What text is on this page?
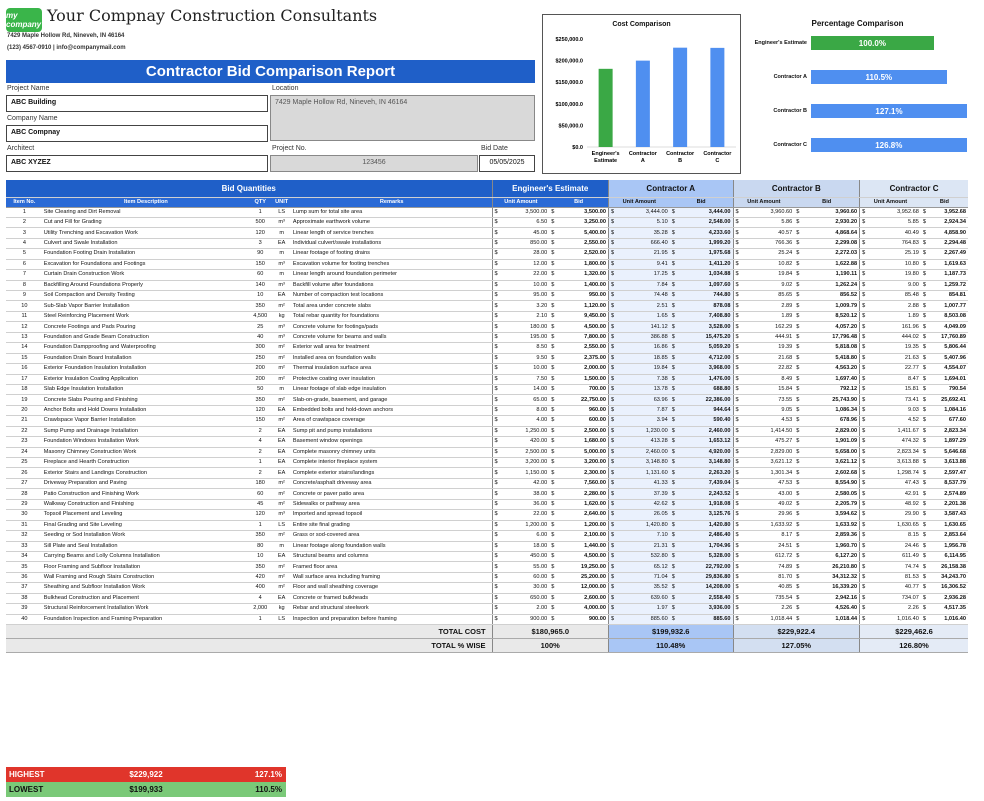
my company Your Compnay Construction Consultants
7429 Maple Hollow Rd, Nineveh, IN 46164
(123) 4567-0910 | info@companymail.com
Contractor Bid Comparison Report
Project Name
ABC Building
Location
7429 Maple Hollow Rd, Nineveh, IN 46164
Company Name
ABC Compnay
Architect
ABC XYZEZ
Project No.
123456
Bid Date
05/05/2025
Cost Comparison
$0.0
$50,000.0
$100,000.0
$150,000.0
$200,000.0
$250,000.0
Engineer's
Estimate
Contractor
A
Contractor
B
Contractor
C
Percentage Comparison
Engineer's Estimate	100.0%
Contractor A	110.5%
Contractor B	127.1%
Contractor C	126.8%
Bid Quantities					Engineer's Estimate				Contractor A				Contractor B				Contractor C			
Item No.	Item Description	QTY	UNIT	Remarks	Unit Amount		Bid		Unit Amount		Bid		Unit Amount		Bid		Unit Amount		Bid	
1	Site Clearing and Dirt Removal	1	LS	Lump sum for total site area	$	3,500.00	$	3,500.00	$	3,444.00	$	3,444.00	$	3,960.60	$	3,960.60	$	3,952.68	$	3,952.68
2	Cut and Fill for Grading	500	m³	Approximate earthwork volume	$	6.50	$	3,250.00	$	5.10	$	2,548.00	$	5.86	$	2,930.20	$	5.85	$	2,924.34
3	Utility Trenching and Excavation Work	120	m	Linear length of service trenches	$	45.00	$	5,400.00	$	35.28	$	4,233.60	$	40.57	$	4,868.64	$	40.49	$	4,858.90
4	Culvert and Swale Installation	3	EA	Individual culvert/swale installations	$	850.00	$	2,550.00	$	666.40	$	1,999.20	$	766.36	$	2,299.08	$	764.83	$	2,294.48
5	Foundation Footing Drain Installation	90	m	Linear footage of footing drains	$	28.00	$	2,520.00	$	21.95	$	1,975.68	$	25.24	$	2,272.03	$	25.19	$	2,267.49
6	Excavation for Foundations and Footings	150	m³	Excavation volume for footing trenches	$	12.00	$	1,800.00	$	9.41	$	1,411.20	$	10.82	$	1,622.88	$	10.80	$	1,619.63
7	Curtain Drain Construction Work	60	m	Linear length around foundation perimeter	$	22.00	$	1,320.00	$	17.25	$	1,034.88	$	19.84	$	1,190.11	$	19.80	$	1,187.73
8	Backfilling Around Foundations Properly	140	m³	Backfill volume after foundations	$	10.00	$	1,400.00	$	7.84	$	1,097.60	$	9.02	$	1,262.24	$	9.00	$	1,259.72
9	Soil Compaction and Density Testing	10	EA	Number of compaction test locations	$	95.00	$	950.00	$	74.48	$	744.80	$	85.65	$	856.52	$	85.48	$	854.81
10	Sub-Slab Vapor Barrier Installation	350	m²	Total area under concrete slabs	$	3.20	$	1,120.00	$	2.51	$	878.08	$	2.89	$	1,009.79	$	2.88	$	1,007.77
11	Steel Reinforcing Placement Work	4,500	kg	Total rebar quantity for foundations	$	2.10	$	9,450.00	$	1.65	$	7,408.80	$	1.89	$	8,520.12	$	1.89	$	8,503.08
12	Concrete Footings and Pads Pouring	25	m³	Concrete volume for footings/pads	$	180.00	$	4,500.00	$	141.12	$	3,528.00	$	162.29	$	4,057.20	$	161.96	$	4,049.09
13	Foundation and Grade Beam Construction	40	m³	Concrete volume for beams and walls	$	195.00	$	7,800.00	$	386.88	$	15,475.20	$	444.91	$	17,796.48	$	444.02	$	17,760.89
14	Foundation Dampproofing and Waterproofing	300	m²	Exterior wall area for treatment	$	8.50	$	2,550.00	$	16.86	$	5,059.20	$	19.39	$	5,818.08	$	19.35	$	5,806.44
15	Foundation Drain Board Installation	250	m²	Installed area on foundation walls	$	9.50	$	2,375.00	$	18.85	$	4,712.00	$	21.68	$	5,418.80	$	21.63	$	5,407.96
16	Exterior Foundation Insulation Installation	200	m²	Thermal insulation surface area	$	10.00	$	2,000.00	$	19.84	$	3,968.00	$	22.82	$	4,563.20	$	22.77	$	4,554.07
17	Exterior Insulation Coating Application	200	m²	Protective coating over insulation	$	7.50	$	1,500.00	$	7.38	$	1,476.00	$	8.49	$	1,697.40	$	8.47	$	1,694.01
18	Slab Edge Insulation Installation	50	m	Linear footage of slab edge insulation	$	14.00	$	700.00	$	13.78	$	688.80	$	15.84	$	792.12	$	15.81	$	790.54
19	Concrete Slabs Pouring and Finishing	350	m²	Slab-on-grade, basement, and garage	$	65.00	$	22,750.00	$	63.96	$	22,386.00	$	73.55	$	25,743.90	$	73.41	$	25,692.41
20	Anchor Bolts and Hold Downs Installation	120	EA	Embedded bolts and hold-down anchors	$	8.00	$	960.00	$	7.87	$	944.64	$	9.05	$	1,086.34	$	9.03	$	1,084.16
21	Crawlspace Vapor Barrier Installation	150	m²	Area of crawlspace coverage	$	4.00	$	600.00	$	3.94	$	590.40	$	4.53	$	678.96	$	4.52	$	677.60
22	Sump Pump and Drainage Installation	2	EA	Sump pit and pump installations	$	1,250.00	$	2,500.00	$	1,230.00	$	2,460.00	$	1,414.50	$	2,829.00	$	1,411.67	$	2,823.34
23	Foundation Windows Installation Work	4	EA	Basement window openings	$	420.00	$	1,680.00	$	413.28	$	1,653.12	$	475.27	$	1,901.09	$	474.32	$	1,897.29
24	Masonry Chimney Construction Work	2	EA	Complete masonry chimney units	$	2,500.00	$	5,000.00	$	2,460.00	$	4,920.00	$	2,829.00	$	5,658.00	$	2,823.34	$	5,646.68
25	Fireplace and Hearth Construction	1	EA	Complete interior fireplace system	$	3,200.00	$	3,200.00	$	3,148.80	$	3,148.80	$	3,621.12	$	3,621.12	$	3,613.88	$	3,613.88
26	Exterior Stairs and Landings Construction	2	EA	Complete exterior stairs/landings	$	1,150.00	$	2,300.00	$	1,131.60	$	2,263.20	$	1,301.34	$	2,602.68	$	1,298.74	$	2,597.47
27	Driveway Preparation and Paving	180	m²	Concrete/asphalt driveway area	$	42.00	$	7,560.00	$	41.33	$	7,439.04	$	47.53	$	8,554.90	$	47.43	$	8,537.79
28	Patio Construction and Finishing Work	60	m²	Concrete or paver patio area	$	38.00	$	2,280.00	$	37.39	$	2,243.52	$	43.00	$	2,580.05	$	42.91	$	2,574.89
29	Walkway Construction and Finishing	45	m²	Sidewalks or pathway area	$	36.00	$	1,620.00	$	42.62	$	1,918.08	$	49.02	$	2,205.79	$	48.92	$	2,201.38
30	Topsoil Placement and Leveling	120	m³	Imported and spread topsoil	$	22.00	$	2,640.00	$	26.05	$	3,125.76	$	29.96	$	3,594.62	$	29.90	$	3,587.43
31	Final Grading and Site Leveling	1	LS	Entire site final grading	$	1,200.00	$	1,200.00	$	1,420.80	$	1,420.80	$	1,633.92	$	1,633.92	$	1,630.65	$	1,630.65
32	Seeding or Sod Installation Work	350	m²	Grass or sod-covered area	$	6.00	$	2,100.00	$	7.10	$	2,486.40	$	8.17	$	2,859.36	$	8.15	$	2,853.64
33	Sill Plate and Seal Installation	80	m	Linear footage along foundation walls	$	18.00	$	1,440.00	$	21.31	$	1,704.96	$	24.51	$	1,960.70	$	24.46	$	1,956.78
34	Carrying Beams and Lolly Columns Installation	10	EA	Structural beams and columns	$	450.00	$	4,500.00	$	532.80	$	5,328.00	$	612.72	$	6,127.20	$	611.49	$	6,114.95
35	Floor Framing and Subfloor Installation	350	m²	Framed floor area	$	55.00	$	19,250.00	$	65.12	$	22,792.00	$	74.89	$	26,210.80	$	74.74	$	26,158.38
36	Wall Framing and Rough Stairs Construction	420	m²	Wall surface area including framing	$	60.00	$	25,200.00	$	71.04	$	29,836.80	$	81.70	$	34,312.32	$	81.53	$	34,243.70
37	Sheathing and Subfloor Installation Work	400	m²	Floor and wall sheathing coverage	$	30.00	$	12,000.00	$	35.52	$	14,208.00	$	40.85	$	16,339.20	$	40.77	$	16,306.52
38	Bulkhead Construction and Placement	4	EA	Concrete or framed bulkheads	$	650.00	$	2,600.00	$	639.60	$	2,558.40	$	735.54	$	2,942.16	$	734.07	$	2,936.28
39	Structural Reinforcement Installation Work	2,000	kg	Rebar and structural steelwork	$	2.00	$	4,000.00	$	1.97	$	3,936.00	$	2.26	$	4,526.40	$	2.26	$	4,517.35
40	Foundation Inspection and Framing Preparation	1	LS	Inspection and preparation before framing	$	900.00	$	900.00	$	885.60	$	885.60	$	1,018.44	$	1,018.44	$	1,016.40	$	1,016.40
TOTAL COST					$180,965.0				$199,932.6				$229,922.4				$229,462.6			
TOTAL % WISE					100%				110.48%				127.05%				126.80%			
HIGHEST	$229,922	127.1%
LOWEST	$199,933	110.5%
